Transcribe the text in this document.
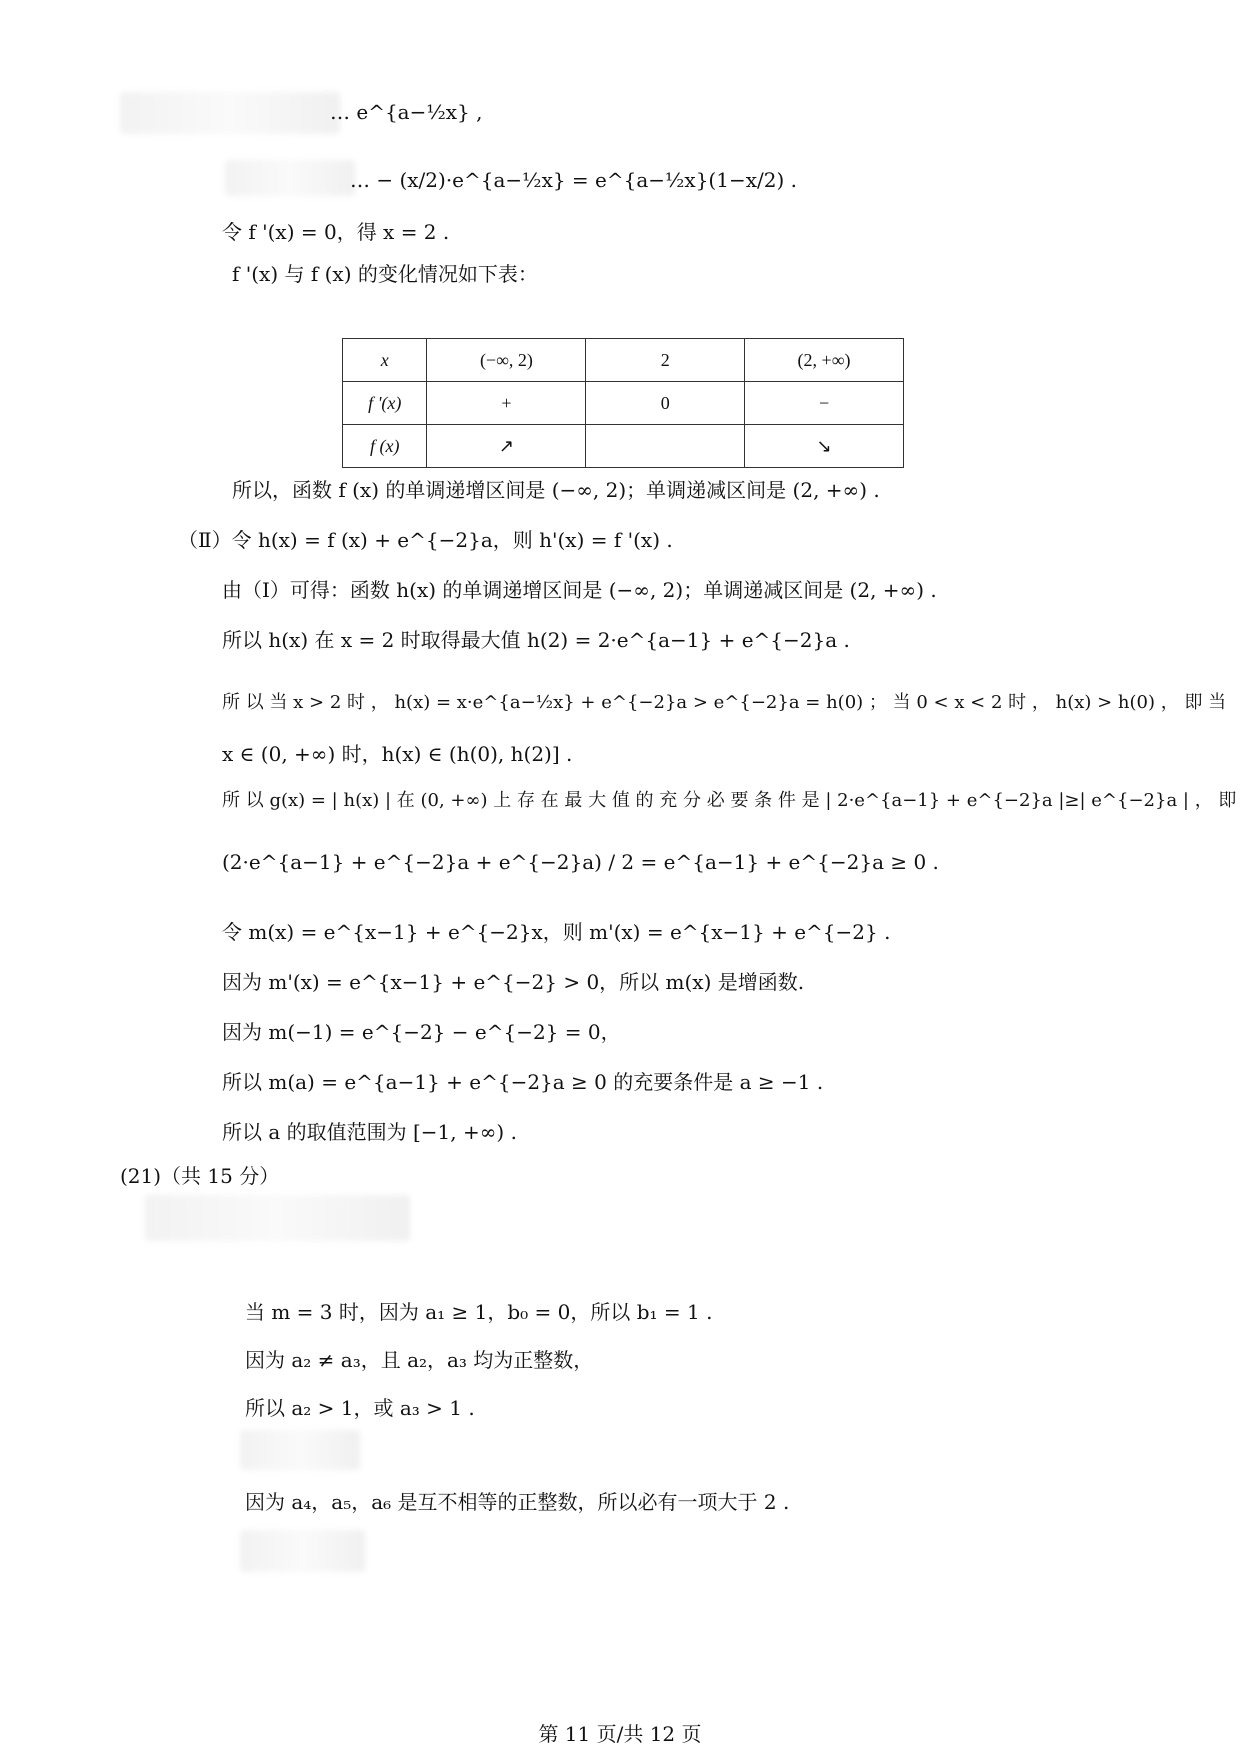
… e^{a−½x} ,
… − (x/2)·e^{a−½x} = e^{a−½x}(1−x/2) .
令 f '(x) = 0，得 x = 2 .
f '(x) 与 f (x) 的变化情况如下表：
x	(−∞, 2)	2	(2, +∞)
f '(x)	+	0	−
f (x)	↗		↘
所以，函数 f (x) 的单调递增区间是 (−∞, 2)；单调递减区间是 (2, +∞) .
（Ⅱ）令 h(x) = f (x) + e^{−2}a，则 h'(x) = f '(x) .
由（Ⅰ）可得：函数 h(x) 的单调递增区间是 (−∞, 2)；单调递减区间是 (2, +∞) .
所以 h(x) 在 x = 2 时取得最大值 h(2) = 2·e^{a−1} + e^{−2}a .
所 以 当 x > 2 时 ， h(x) = x·e^{a−½x} + e^{−2}a > e^{−2}a = h(0) ； 当 0 < x < 2 时 ， h(x) > h(0) ， 即 当
x ∈ (0, +∞) 时，h(x) ∈ (h(0), h(2)] .
所 以 g(x) = | h(x) | 在 (0, +∞) 上 存 在 最 大 值 的 充 分 必 要 条 件 是 | 2·e^{a−1} + e^{−2}a |≥| e^{−2}a | ， 即
(2·e^{a−1} + e^{−2}a + e^{−2}a) / 2 = e^{a−1} + e^{−2}a ≥ 0 .
令 m(x) = e^{x−1} + e^{−2}x，则 m'(x) = e^{x−1} + e^{−2} .
因为 m'(x) = e^{x−1} + e^{−2} > 0，所以 m(x) 是增函数.
因为 m(−1) = e^{−2} − e^{−2} = 0，
所以 m(a) = e^{a−1} + e^{−2}a ≥ 0 的充要条件是 a ≥ −1 .
所以 a 的取值范围为 [−1, +∞) .
(21)（共 15 分）
当 m = 3 时，因为 a₁ ≥ 1，b₀ = 0，所以 b₁ = 1 .
因为 a₂ ≠ a₃，且 a₂，a₃ 均为正整数，
所以 a₂ > 1，或 a₃ > 1 .
因为 a₄，a₅，a₆ 是互不相等的正整数，所以必有一项大于 2 .
第 11 页/共 12 页
